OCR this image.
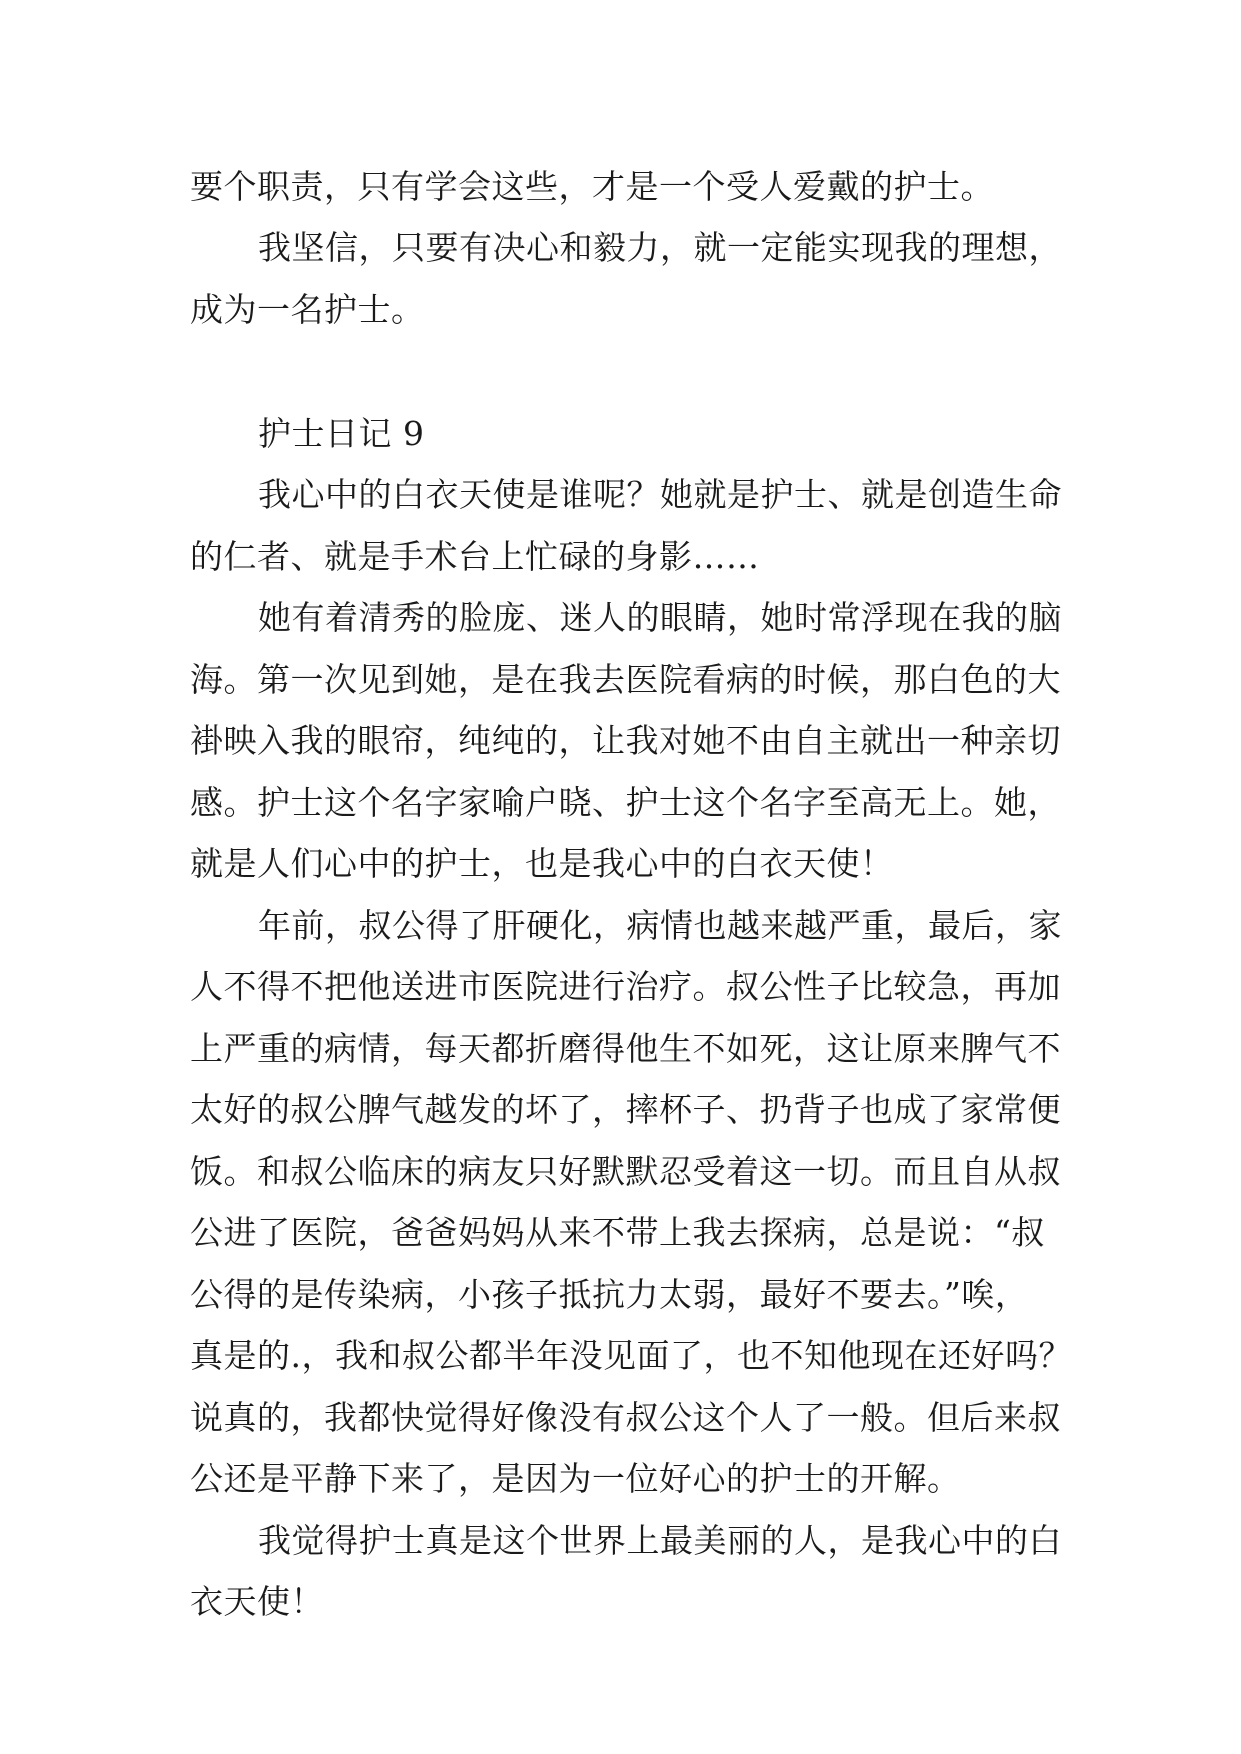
要个职责，只有学会这些，才是一个受人爱戴的护士。
我坚信，只要有决心和毅力，就一定能实现我的理想，
成为一名护士。
护士日记 9
我心中的白衣天使是谁呢？她就是护士、就是创造生命
的仁者、就是手术台上忙碌的身影……
她有着清秀的脸庞、迷人的眼睛，她时常浮现在我的脑
海。第一次见到她，是在我去医院看病的时候，那白色的大
褂映入我的眼帘，纯纯的，让我对她不由自主就出一种亲切
感。护士这个名字家喻户晓、护士这个名字至高无上。她，
就是人们心中的护士，也是我心中的白衣天使！
年前，叔公得了肝硬化，病情也越来越严重，最后，家
人不得不把他送进市医院进行治疗。叔公性子比较急，再加
上严重的病情，每天都折磨得他生不如死，这让原来脾气不
太好的叔公脾气越发的坏了，摔杯子、扔背子也成了家常便
饭。和叔公临床的病友只好默默忍受着这一切。而且自从叔
公进了医院，爸爸妈妈从来不带上我去探病，总是说：“叔
公得的是传染病，小孩子抵抗力太弱，最好不要去。”唉，
真是的.，我和叔公都半年没见面了，也不知他现在还好吗？
说真的，我都快觉得好像没有叔公这个人了一般。但后来叔
公还是平静下来了，是因为一位好心的护士的开解。
我觉得护士真是这个世界上最美丽的人，是我心中的白
衣天使！
